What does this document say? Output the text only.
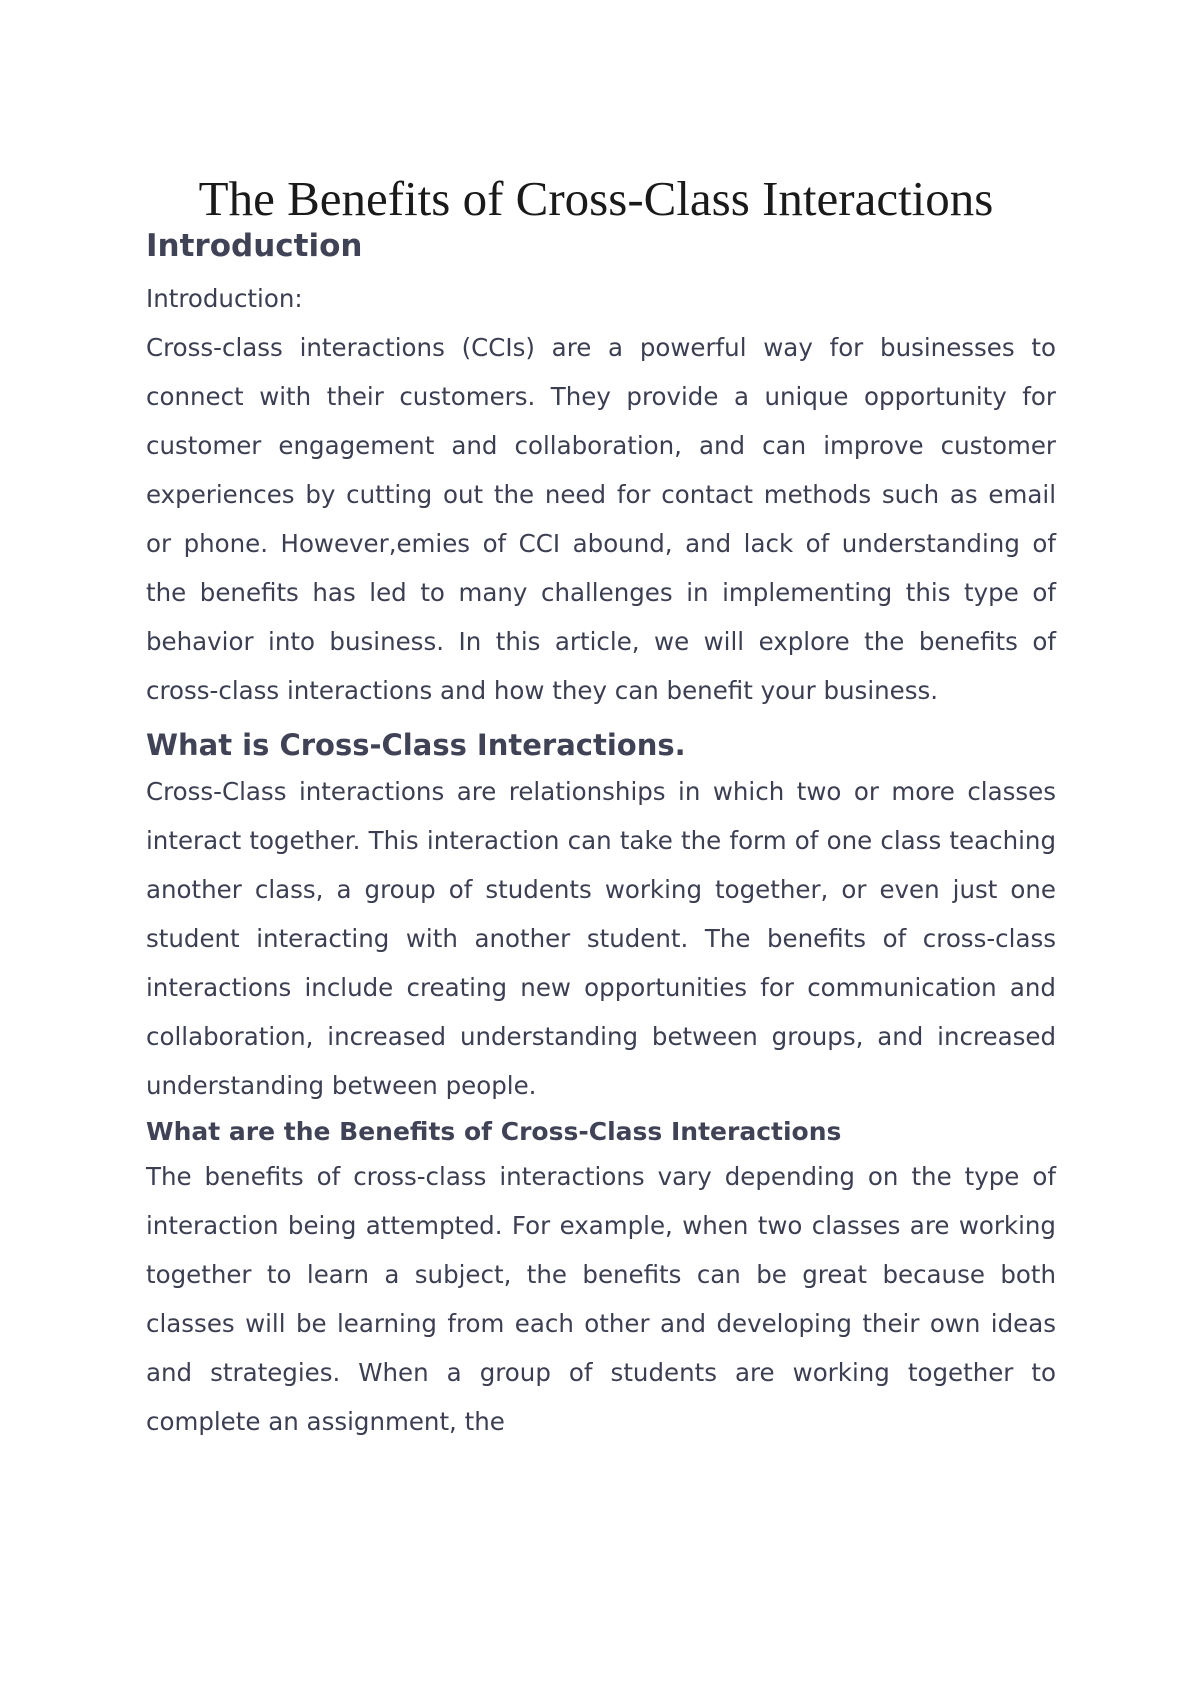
The Benefits of Cross-Class Interactions
Introduction

Introduction:

Cross-class interactions (CCIs) are a powerful way for businesses to connect with their customers. They provide a unique opportunity for customer engagement and collaboration, and can improve customer experiences by cutting out the need for contact methods such as email or phone. However,emies of CCI abound, and lack of understanding of the benefits has led to many challenges in implementing this type of behavior into business. In this article, we will explore the benefits of cross-class interactions and how they can benefit your business.

What is Cross-Class Interactions.

Cross-Class interactions are relationships in which two or more classes interact together. This interaction can take the form of one class teaching another class, a group of students working together, or even just one student interacting with another student. The benefits of cross-class interactions include creating new opportunities for communication and collaboration, increased understanding between groups, and increased understanding between people.

What are the Benefits of Cross-Class Interactions

The benefits of cross-class interactions vary depending on the type of interaction being attempted. For example, when two classes are working together to learn a subject, the benefits can be great because both classes will be learning from each other and developing their own ideas and strategies. When a group of students are working together to complete an assignment, the
